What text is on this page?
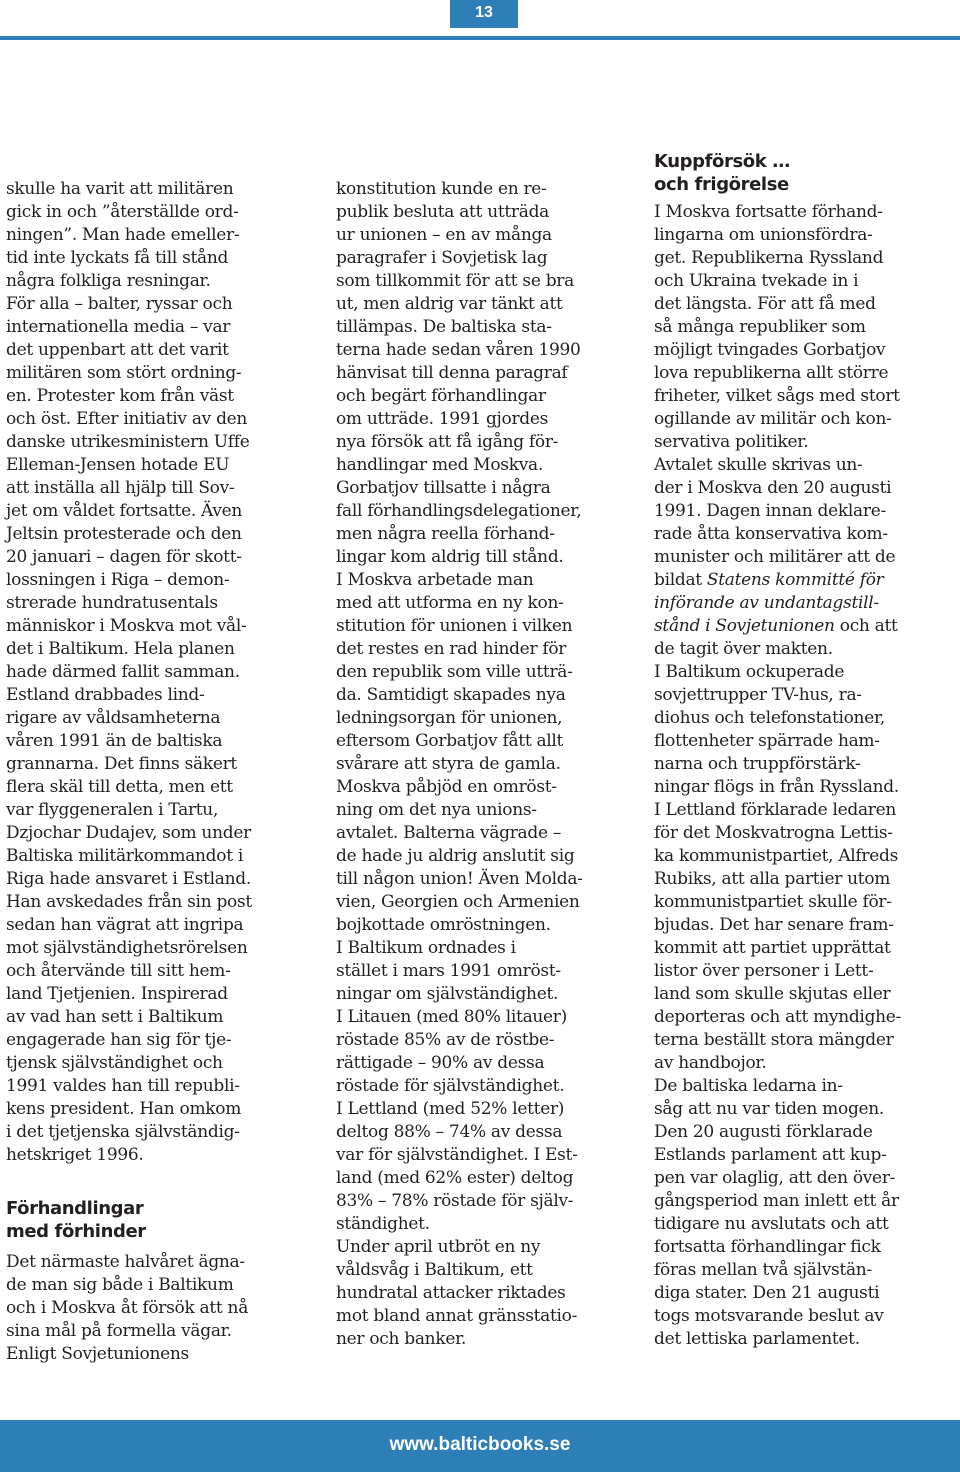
13
skulle ha varit att militären
gick in och ”återställde ord-
ningen”. Man hade emeller-
tid inte lyckats få till stånd
några folkliga resningar.
För alla – balter, ryssar och
internationella media – var
det uppenbart att det varit
militären som stört ordning-
en. Protester kom från väst
och öst. Efter initiativ av den
danske utrikesministern Uffe
Elleman-Jensen hotade EU
att inställa all hjälp till Sov-
jet om våldet fortsatte. Även
Jeltsin protesterade och den
20 januari – dagen för skott-
lossningen i Riga – demon-
strerade hundratusentals
människor i Moskva mot vål-
det i Baltikum. Hela planen
hade därmed fallit samman.
Estland drabbades lind-
rigare av våldsamheterna
våren 1991 än de baltiska
grannarna. Det finns säkert
flera skäl till detta, men ett
var flyggeneralen i Tartu,
Dzjochar Dudajev, som under
Baltiska militärkommandot i
Riga hade ansvaret i Estland.
Han avskedades från sin post
sedan han vägrat att ingripa
mot självständighetsrörelsen
och återvände till sitt hem-
land Tjetjenien. Inspirerad
av vad han sett i Baltikum
engagerade han sig för tje-
tjensk självständighet och
1991 valdes han till republi-
kens president. Han omkom
i det tjetjenska självständig-
hetskriget 1996.
Förhandlingar
med förhinder
Det närmaste halvåret ägna-
de man sig både i Baltikum
och i Moskva åt försök att nå
sina mål på formella vägar.
Enligt Sovjetunionens
konstitution kunde en re-
publik besluta att utträda
ur unionen – en av många
paragrafer i Sovjetisk lag
som tillkommit för att se bra
ut, men aldrig var tänkt att
tillämpas. De baltiska sta-
terna hade sedan våren 1990
hänvisat till denna paragraf
och begärt förhandlingar
om utträde. 1991 gjordes
nya försök att få igång för-
handlingar med Moskva.
Gorbatjov tillsatte i några
fall förhandlingsdelegationer,
men några reella förhand-
lingar kom aldrig till stånd.
I Moskva arbetade man
med att utforma en ny kon-
stitution för unionen i vilken
det restes en rad hinder för
den republik som ville utträ-
da. Samtidigt skapades nya
ledningsorgan för unionen,
eftersom Gorbatjov fått allt
svårare att styra de gamla.
Moskva påbjöd en omröst-
ning om det nya unions-
avtalet. Balterna vägrade –
de hade ju aldrig anslutit sig
till någon union! Även Molda-
vien, Georgien och Armenien
bojkottade omröstningen.
I Baltikum ordnades i
stället i mars 1991 omröst-
ningar om självständighet.
I Litauen (med 80% litauer)
röstade 85% av de röstbe-
rättigade – 90% av dessa
röstade för självständighet.
I Lettland (med 52% letter)
deltog 88% – 74% av dessa
var för självständighet. I Est-
land (med 62% ester) deltog
83% – 78% röstade för själv-
ständighet.
Under april utbröt en ny
våldsvåg i Baltikum, ett
hundratal attacker riktades
mot bland annat gränsstatio-
ner och banker.
Kuppförsök …
och frigörelse
I Moskva fortsatte förhand-
lingarna om unionsfördra-
get. Republikerna Ryssland
och Ukraina tvekade in i
det längsta. För att få med
så många republiker som
möjligt tvingades Gorbatjov
lova republikerna allt större
friheter, vilket sågs med stort
ogillande av militär och kon-
servativa politiker.
Avtalet skulle skrivas un-
der i Moskva den 20 augusti
1991. Dagen innan deklare-
rade åtta konservativa kom-
munister och militärer att de
bildat Statens kommitté för
införande av undantagstill-
stånd i Sovjetunionen och att
de tagit över makten.
I Baltikum ockuperade
sovjettrupper TV-hus, ra-
diohus och telefonstationer,
flottenheter spärrade ham-
narna och truppförstärk-
ningar flögs in från Ryssland.
I Lettland förklarade ledaren
för det Moskvatrogna Lettis-
ka kommunistpartiet, Alfreds
Rubiks, att alla partier utom
kommunistpartiet skulle för-
bjudas. Det har senare fram-
kommit att partiet upprättat
listor över personer i Lett-
land som skulle skjutas eller
deporteras och att myndighe-
terna beställt stora mängder
av handbojor.
De baltiska ledarna in-
såg att nu var tiden mogen.
Den 20 augusti förklarade
Estlands parlament att kup-
pen var olaglig, att den över-
gångsperiod man inlett ett år
tidigare nu avslutats och att
fortsatta förhandlingar fick
föras mellan två självstän-
diga stater. Den 21 augusti
togs motsvarande beslut av
det lettiska parlamentet.
www.balticbooks.se
